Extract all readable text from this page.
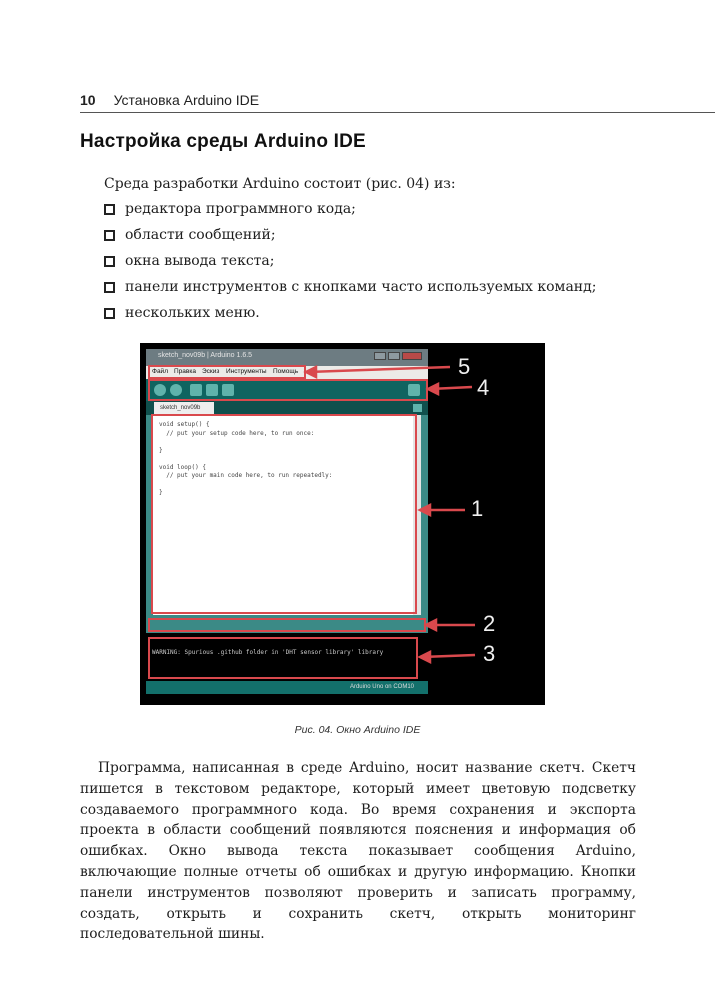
10 Установка Arduino IDE
Настройка среды Arduino IDE
Среда разработки Arduino состоит (рис. 04) из:
редактора программного кода;
области сообщений;
окна вывода текста;
панели инструментов с кнопками часто используемых команд;
нескольких меню.
sketch_nov09b | Arduino 1.6.5
Файл Правка Эскиз Инструменты Помощь
sketch_nov09b
void setup() {
// put your setup code here, to run once:

}

void loop() {
// put your main code here, to run repeatedly:

}
WARNING: Spurious .github folder in 'DHT sensor library' library
Arduino Uno on COM10
5
4
1
2
3
Рис. 04. Окно Arduino IDE

Программа, написанная в среде Arduino, носит название скетч. Скетч пишется в текстовом редакторе, который имеет цветовую подсветку создаваемого программного кода. Во время сохранения и экспорта проекта в области сообщений появляются пояснения и информация об ошибках. Окно вывода текста показывает сообщения Arduino, включающие полные отчеты об ошибках и другую информацию. Кнопки панели инструментов позволяют проверить и записать программу, создать, открыть и сохранить скетч, открыть мониторинг последовательной шины.
